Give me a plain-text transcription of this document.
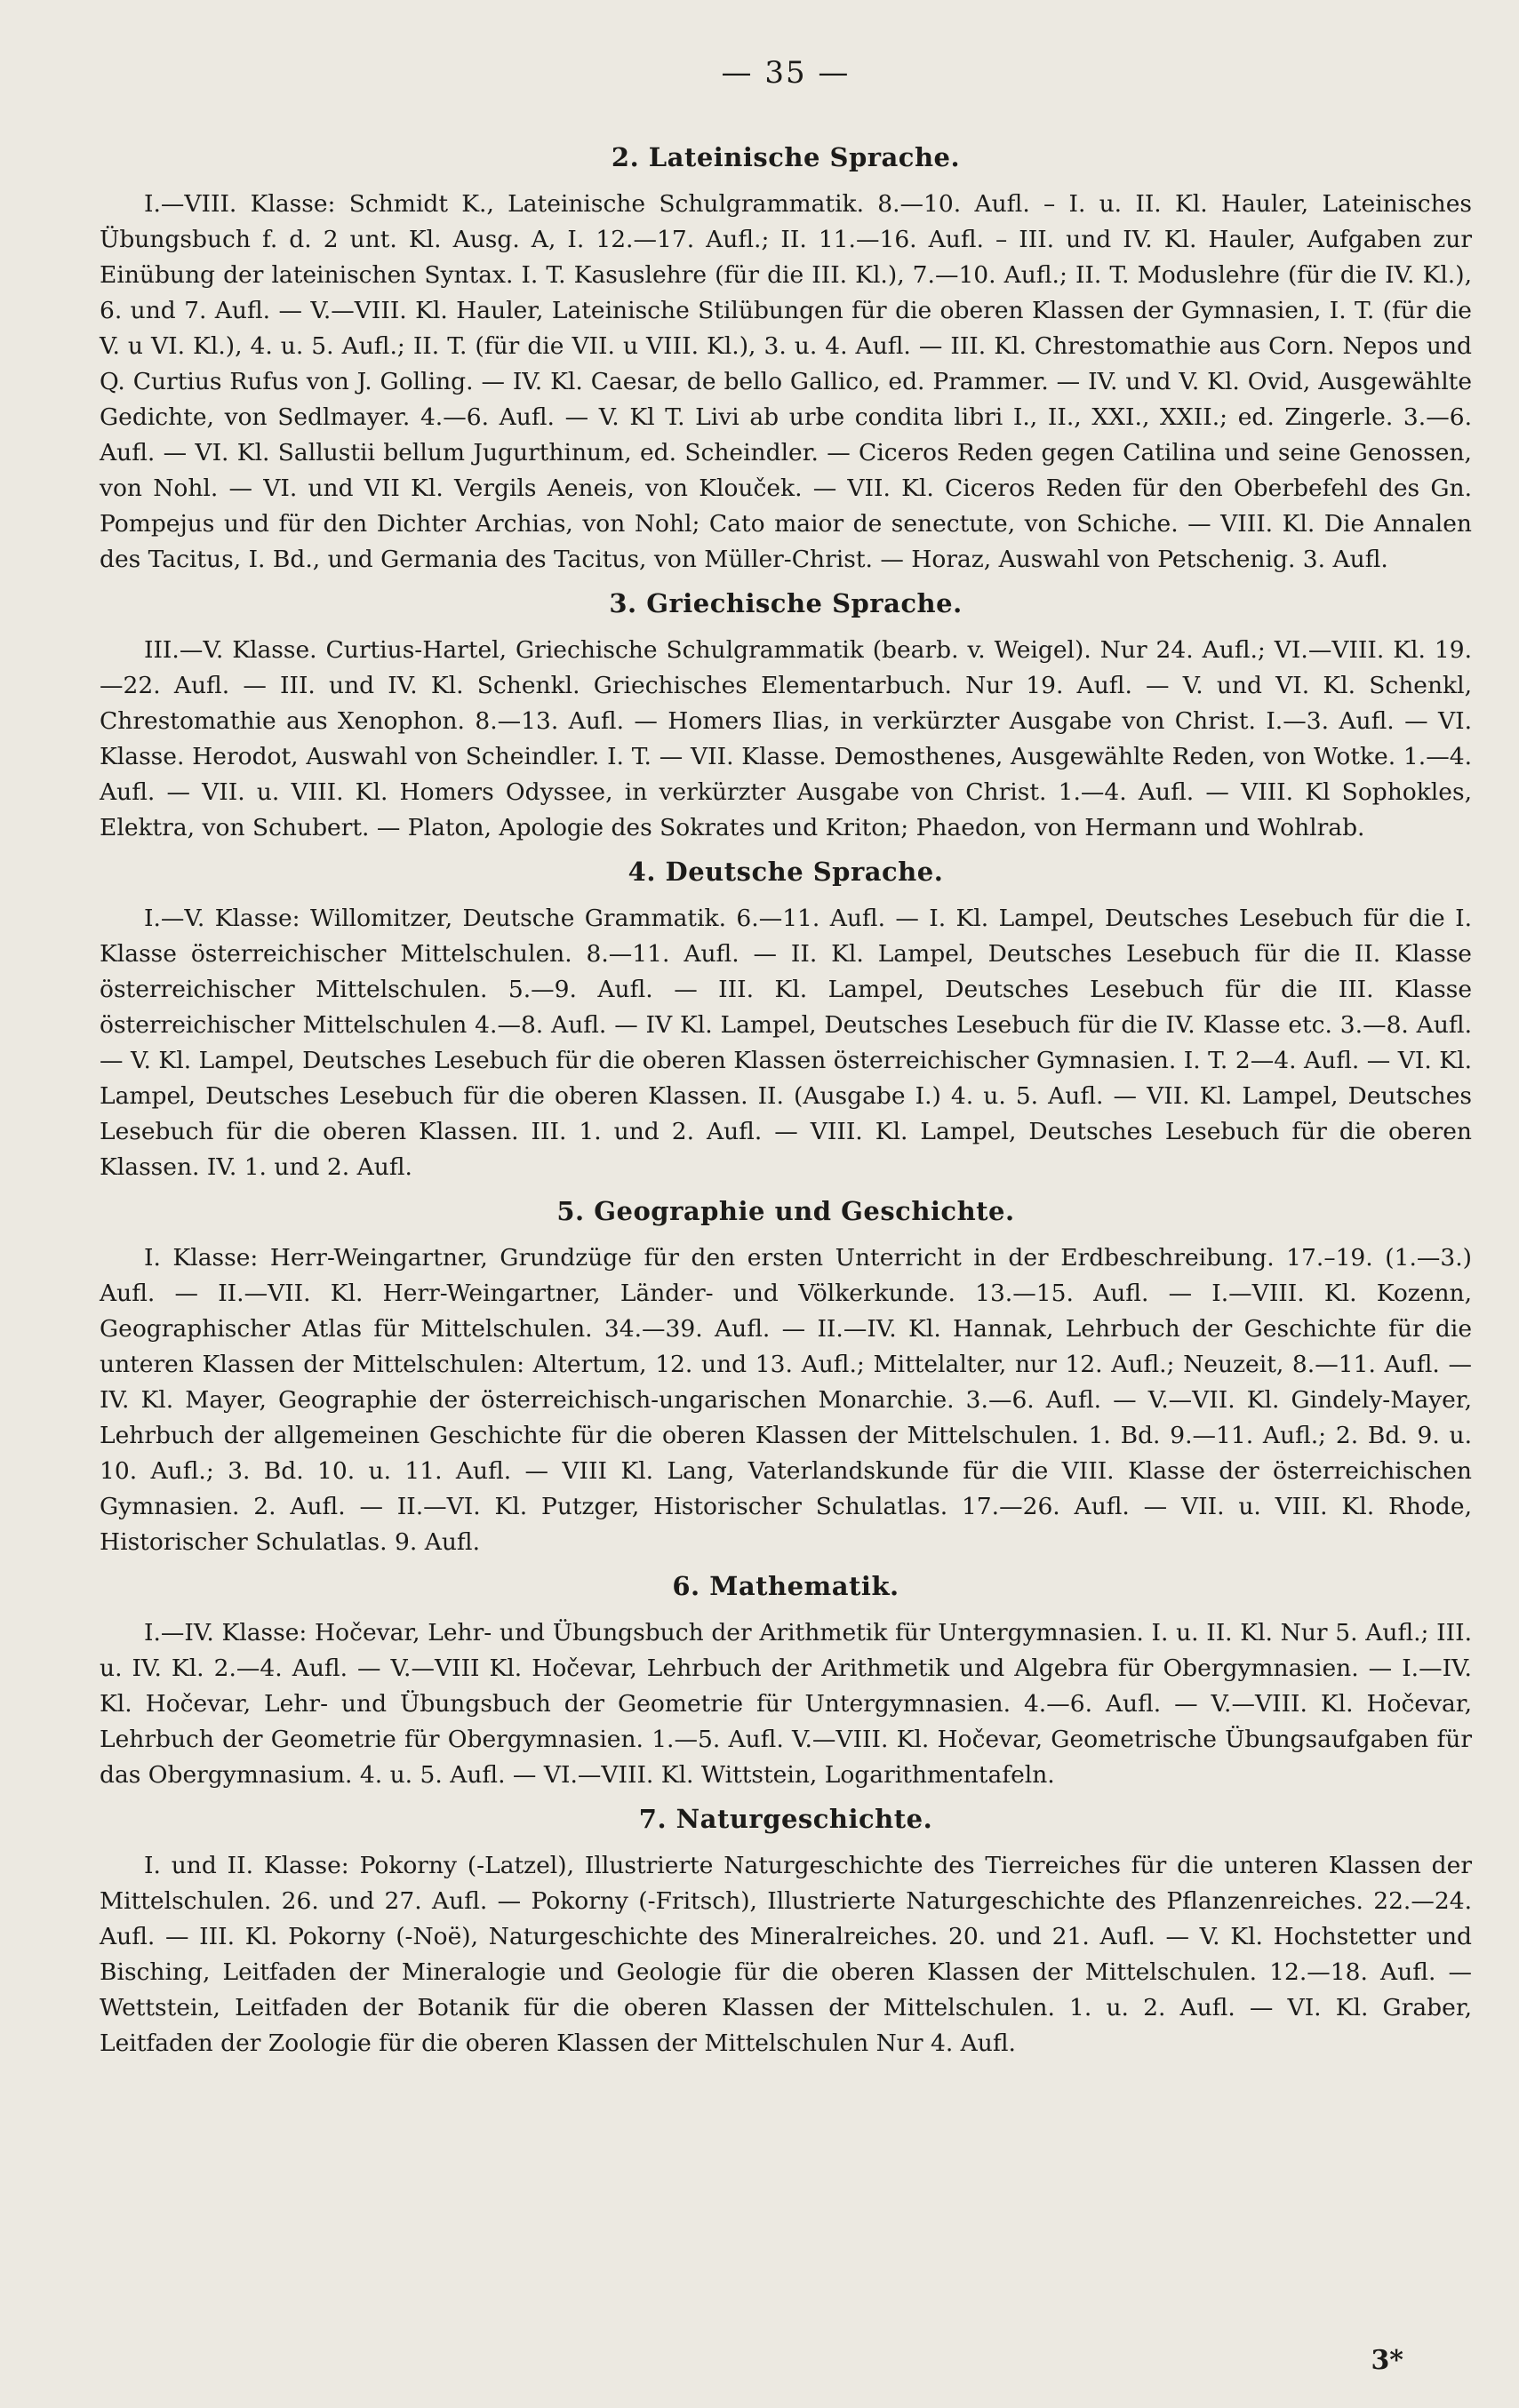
— 35 —
2. Lateinische Sprache.

I.—VIII. Klasse: Schmidt K., Lateinische Schulgrammatik. 8.—10. Aufl. – I. u. II. Kl. Hauler, Lateinisches Übungsbuch f. d. 2 unt. Kl. Ausg. A, I. 12.—17. Aufl.; II. 11.—16. Aufl. – III. und IV. Kl. Hauler, Aufgaben zur Einübung der lateinischen Syntax. I. T. Kasuslehre (für die III. Kl.), 7.—10. Aufl.; II. T. Moduslehre (für die IV. Kl.), 6. und 7. Aufl. — V.—VIII. Kl. Hauler, Lateinische Stilübungen für die oberen Klassen der Gymnasien, I. T. (für die V. u VI. Kl.), 4. u. 5. Aufl.; II. T. (für die VII. u VIII. Kl.), 3. u. 4. Aufl. — III. Kl. Chrestomathie aus Corn. Nepos und Q. Curtius Rufus von J. Golling. — IV. Kl. Caesar, de bello Gallico, ed. Prammer. — IV. und V. Kl. Ovid, Ausgewählte Gedichte, von Sedlmayer. 4.—6. Aufl. — V. Kl T. Livi ab urbe condita libri I., II., XXI., XXII.; ed. Zingerle. 3.—6. Aufl. — VI. Kl. Sallustii bellum Jugurthinum, ed. Scheindler. — Ciceros Reden gegen Catilina und seine Genossen, von Nohl. — VI. und VII Kl. Vergils Aeneis, von Klouček. — VII. Kl. Ciceros Reden für den Oberbefehl des Gn. Pompejus und für den Dichter Archias, von Nohl; Cato maior de senectute, von Schiche. — VIII. Kl. Die Annalen des Tacitus, I. Bd., und Germania des Tacitus, von Müller-Christ. — Horaz, Auswahl von Petschenig. 3. Aufl.

3. Griechische Sprache.

III.—V. Klasse. Curtius-Hartel, Griechische Schulgrammatik (bearb. v. Weigel). Nur 24. Aufl.; VI.—VIII. Kl. 19.—22. Aufl. — III. und IV. Kl. Schenkl. Griechisches Elementarbuch. Nur 19. Aufl. — V. und VI. Kl. Schenkl, Chrestomathie aus Xenophon. 8.—13. Aufl. — Homers Ilias, in verkürzter Ausgabe von Christ. I.—3. Aufl. — VI. Klasse. Herodot, Auswahl von Scheindler. I. T. — VII. Klasse. Demosthenes, Ausgewählte Reden, von Wotke. 1.—4. Aufl. — VII. u. VIII. Kl. Homers Odyssee, in verkürzter Ausgabe von Christ. 1.—4. Aufl. — VIII. Kl Sophokles, Elektra, von Schubert. — Platon, Apologie des Sokrates und Kriton; Phaedon, von Hermann und Wohlrab.

4. Deutsche Sprache.

I.—V. Klasse: Willomitzer, Deutsche Grammatik. 6.—11. Aufl. — I. Kl. Lampel, Deutsches Lesebuch für die I. Klasse österreichischer Mittelschulen. 8.—11. Aufl. — II. Kl. Lampel, Deutsches Lesebuch für die II. Klasse österreichischer Mittelschulen. 5.—9. Aufl. — III. Kl. Lampel, Deutsches Lesebuch für die III. Klasse österreichischer Mittelschulen 4.—8. Aufl. — IV Kl. Lampel, Deutsches Lesebuch für die IV. Klasse etc. 3.—8. Aufl. — V. Kl. Lampel, Deutsches Lesebuch für die oberen Klassen österreichischer Gymnasien. I. T. 2—4. Aufl. — VI. Kl. Lampel, Deutsches Lesebuch für die oberen Klassen. II. (Ausgabe I.) 4. u. 5. Aufl. — VII. Kl. Lampel, Deutsches Lesebuch für die oberen Klassen. III. 1. und 2. Aufl. — VIII. Kl. Lampel, Deutsches Lesebuch für die oberen Klassen. IV. 1. und 2. Aufl.

5. Geographie und Geschichte.

I. Klasse: Herr-Weingartner, Grundzüge für den ersten Unterricht in der Erdbeschreibung. 17.–19. (1.—3.) Aufl. — II.—VII. Kl. Herr-Weingartner, Länder- und Völkerkunde. 13.—15. Aufl. — I.—VIII. Kl. Kozenn, Geographischer Atlas für Mittelschulen. 34.—39. Aufl. — II.—IV. Kl. Hannak, Lehrbuch der Geschichte für die unteren Klassen der Mittelschulen: Altertum, 12. und 13. Aufl.; Mittelalter, nur 12. Aufl.; Neuzeit, 8.—11. Aufl. — IV. Kl. Mayer, Geographie der österreichisch-ungarischen Monarchie. 3.—6. Aufl. — V.—VII. Kl. Gindely-Mayer, Lehrbuch der allgemeinen Geschichte für die oberen Klassen der Mittelschulen. 1. Bd. 9.—11. Aufl.; 2. Bd. 9. u. 10. Aufl.; 3. Bd. 10. u. 11. Aufl. — VIII Kl. Lang, Vaterlandskunde für die VIII. Klasse der österreichischen Gymnasien. 2. Aufl. — II.—VI. Kl. Putzger, Historischer Schulatlas. 17.—26. Aufl. — VII. u. VIII. Kl. Rhode, Historischer Schulatlas. 9. Aufl.

6. Mathematik.

I.—IV. Klasse: Hočevar, Lehr- und Übungsbuch der Arithmetik für Untergymnasien. I. u. II. Kl. Nur 5. Aufl.; III. u. IV. Kl. 2.—4. Aufl. — V.—VIII Kl. Hočevar, Lehrbuch der Arithmetik und Algebra für Obergymnasien. — I.—IV. Kl. Hočevar, Lehr- und Übungsbuch der Geometrie für Untergymnasien. 4.—6. Aufl. — V.—VIII. Kl. Hočevar, Lehrbuch der Geometrie für Obergymnasien. 1.—5. Aufl. V.—VIII. Kl. Hočevar, Geometrische Übungsaufgaben für das Obergymnasium. 4. u. 5. Aufl. — VI.—VIII. Kl. Wittstein, Logarithmentafeln.

7. Naturgeschichte.

I. und II. Klasse: Pokorny (-Latzel), Illustrierte Naturgeschichte des Tierreiches für die unteren Klassen der Mittelschulen. 26. und 27. Aufl. — Pokorny (-Fritsch), Illustrierte Naturgeschichte des Pflanzenreiches. 22.—24. Aufl. — III. Kl. Pokorny (-Noë), Naturgeschichte des Mineralreiches. 20. und 21. Aufl. — V. Kl. Hochstetter und Bisching, Leitfaden der Mineralogie und Geologie für die oberen Klassen der Mittelschulen. 12.—18. Aufl. — Wettstein, Leitfaden der Botanik für die oberen Klassen der Mittelschulen. 1. u. 2. Aufl. — VI. Kl. Graber, Leitfaden der Zoologie für die oberen Klassen der Mittelschulen Nur 4. Aufl.

3*
